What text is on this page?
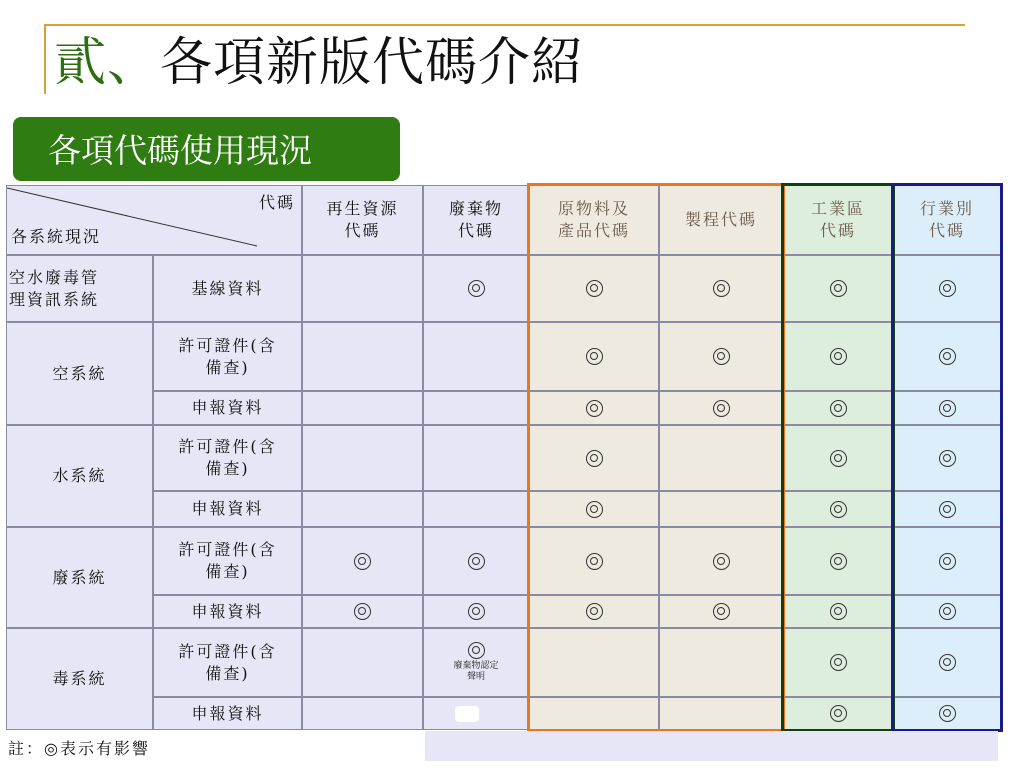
貳、各項新版代碼介紹
各項代碼使用現況
代碼
各系統現況
再生資源
代碼
廢棄物
代碼
原物料及
產品代碼
製程代碼
工業區
代碼
行業別
代碼
空水廢毒管
理資訊系統
空系統
水系統
廢系統
毒系統
基線資料
許可證件(含
備查)
申報資料
許可證件(含
備查)
申報資料
許可證件(含
備查)
申報資料
許可證件(含
備查)	廢棄物認定
聲明
申報資料
註：◎表示有影響
